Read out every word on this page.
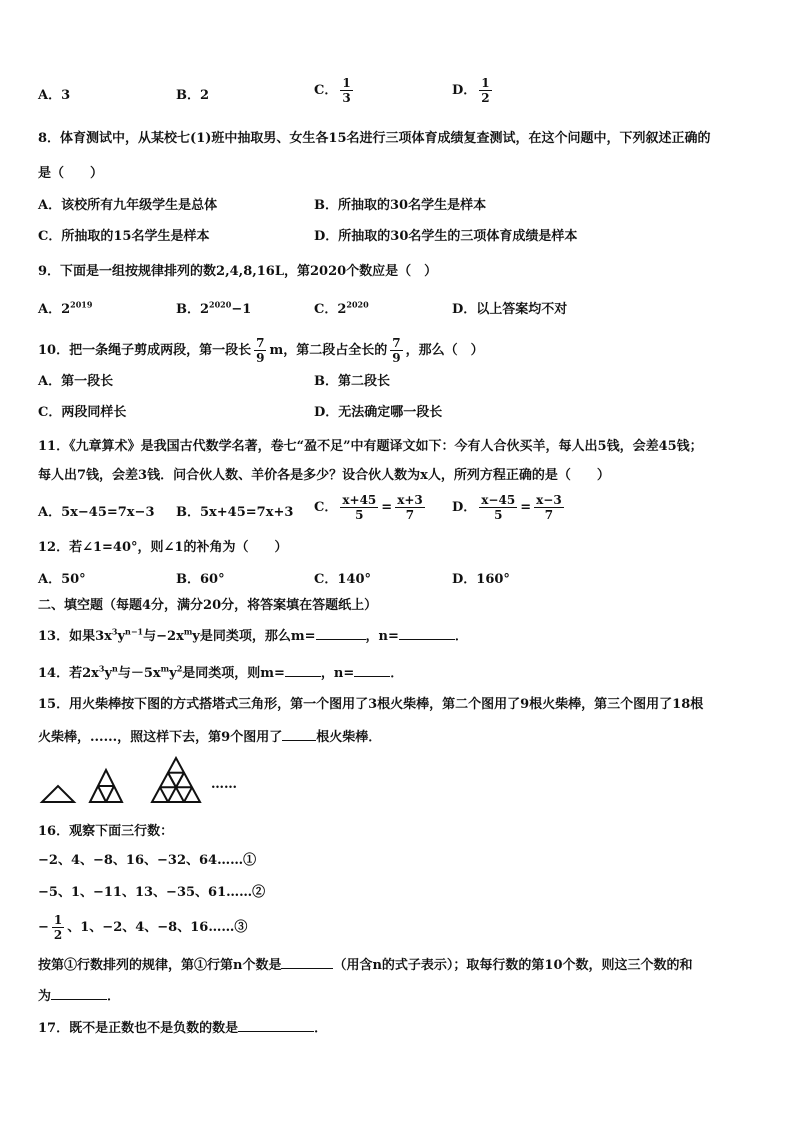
A．3	B．2	C． $\frac{1}{3}$	D． $\frac{1}{2}$
8．体育测试中，从某校七(1)班中抽取男、女生各15名进行三项体育成绩复查测试，在这个问题中，下列叙述正确的
是（　　）
A．该校所有九年级学生是总体	B．所抽取的30名学生是样本
C．所抽取的15名学生是样本	D．所抽取的30名学生的三项体育成绩是样本
9．下面是一组按规律排列的数2,4,8,16L，第2020个数应是（　）
A．$2^{2019}$	B．$2^{2020}-1$	C．$2^{2020}$	D．以上答案均不对
10．把一条绳子剪成两段，第一段长 $\frac{7}{9}$ m，第二段占全长的 $\frac{7}{9}$ ，那么（　）
A．第一段长	B．第二段长
C．两段同样长	D．无法确定哪一段长
11．《九章算术》是我国古代数学名著，卷七“盈不足”中有题译文如下：今有人合伙买羊，每人出5钱，会差45钱；
每人出7钱，会差3钱．问合伙人数、羊价各是多少？设合伙人数为x人，所列方程正确的是（　　）
A．5x−45=7x−3 B．5x+45=7x+3 C． $\frac{x+45}{5} = \frac{x+3}{7}$ D． $\frac{x-45}{5} = \frac{x-3}{7}$
12．若∠1=40°，则∠1的补角为（　　）
A．50°	B．60°	C．140°	D．160°
二、填空题（每题4分，满分20分，将答案填在答题纸上）
13．如果$3x^3y^{n-1}$与$-2x^my$是同类项，那么m=	，n=	．
14．若$2x^3y^n$与$-5x^my^2$是同类项，则m=	，n=	．
15．用火柴棒按下图的方式搭塔式三角形，第一个图用了3根火柴棒，第二个图用了9根火柴棒，第三个图用了18根
火柴棒，......，照这样下去，第9个图用了	根火柴棒．
……
16．观察下面三行数：
−2、4、−8、16、−32、64……①
−5、1、−11、13、−35、61……②
− $\frac{1}{2}$ 、1、−2、4、−8、16……③
按第①行数排列的规律，第①行第n个数是	（用含n的式子表示）；取每行数的第10个数，则这三个数的和
为	．
17．既不是正数也不是负数的数是	．
